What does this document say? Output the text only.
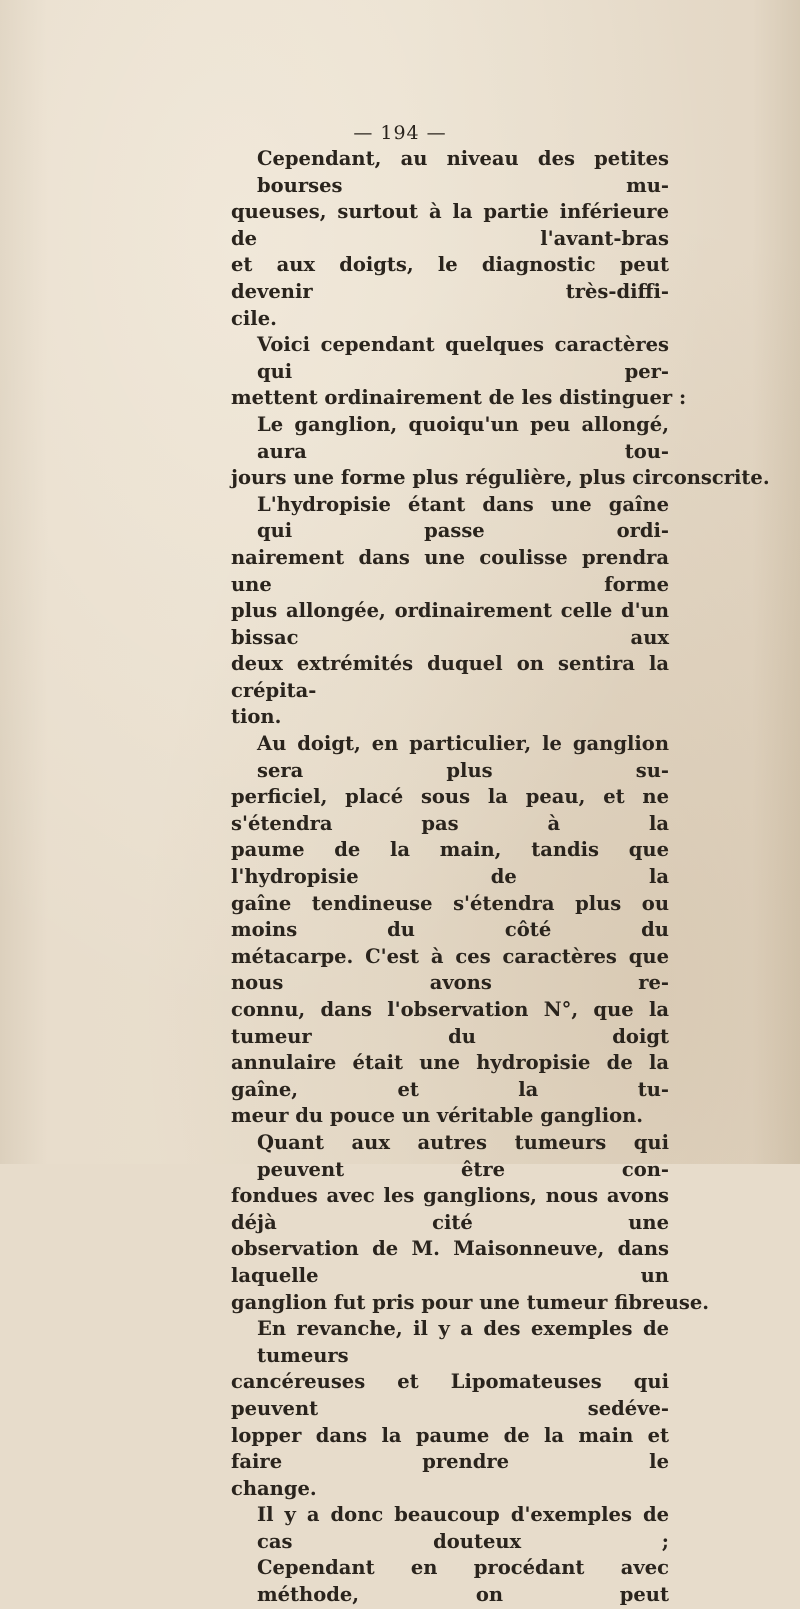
— 194 —
Cependant, au niveau des petites bourses mu-
queuses, surtout à la partie inférieure de l'avant-bras
et aux doigts, le diagnostic peut devenir très-diffi-
cile.
Voici cependant quelques caractères qui per-
mettent ordinairement de les distinguer :
Le ganglion, quoiqu'un peu allongé, aura tou-
jours une forme plus régulière, plus circonscrite.
L'hydropisie étant dans une gaîne qui passe ordi-
nairement dans une coulisse prendra une forme
plus allongée, ordinairement celle d'un bissac aux
deux extrémités duquel on sentira la crépita-
tion.
Au doigt, en particulier, le ganglion sera plus su-
perficiel, placé sous la peau, et ne s'étendra pas à la
paume de la main, tandis que l'hydropisie de la
gaîne tendineuse s'étendra plus ou moins du côté du
métacarpe. C'est à ces caractères que nous avons re-
connu, dans l'observation N°, que la tumeur du doigt
annulaire était une hydropisie de la gaîne, et la tu-
meur du pouce un véritable ganglion.
Quant aux autres tumeurs qui peuvent être con-
fondues avec les ganglions, nous avons déjà cité une
observation de M. Maisonneuve, dans laquelle un
ganglion fut pris pour une tumeur fibreuse.
En revanche, il y a des exemples de tumeurs
cancéreuses et Lipomateuses qui peuvent sedéve-
lopper dans la paume de la main et faire prendre le
change.
Il y a donc beaucoup d'exemples de cas douteux ;
Cependant en procédant avec méthode, on peut
